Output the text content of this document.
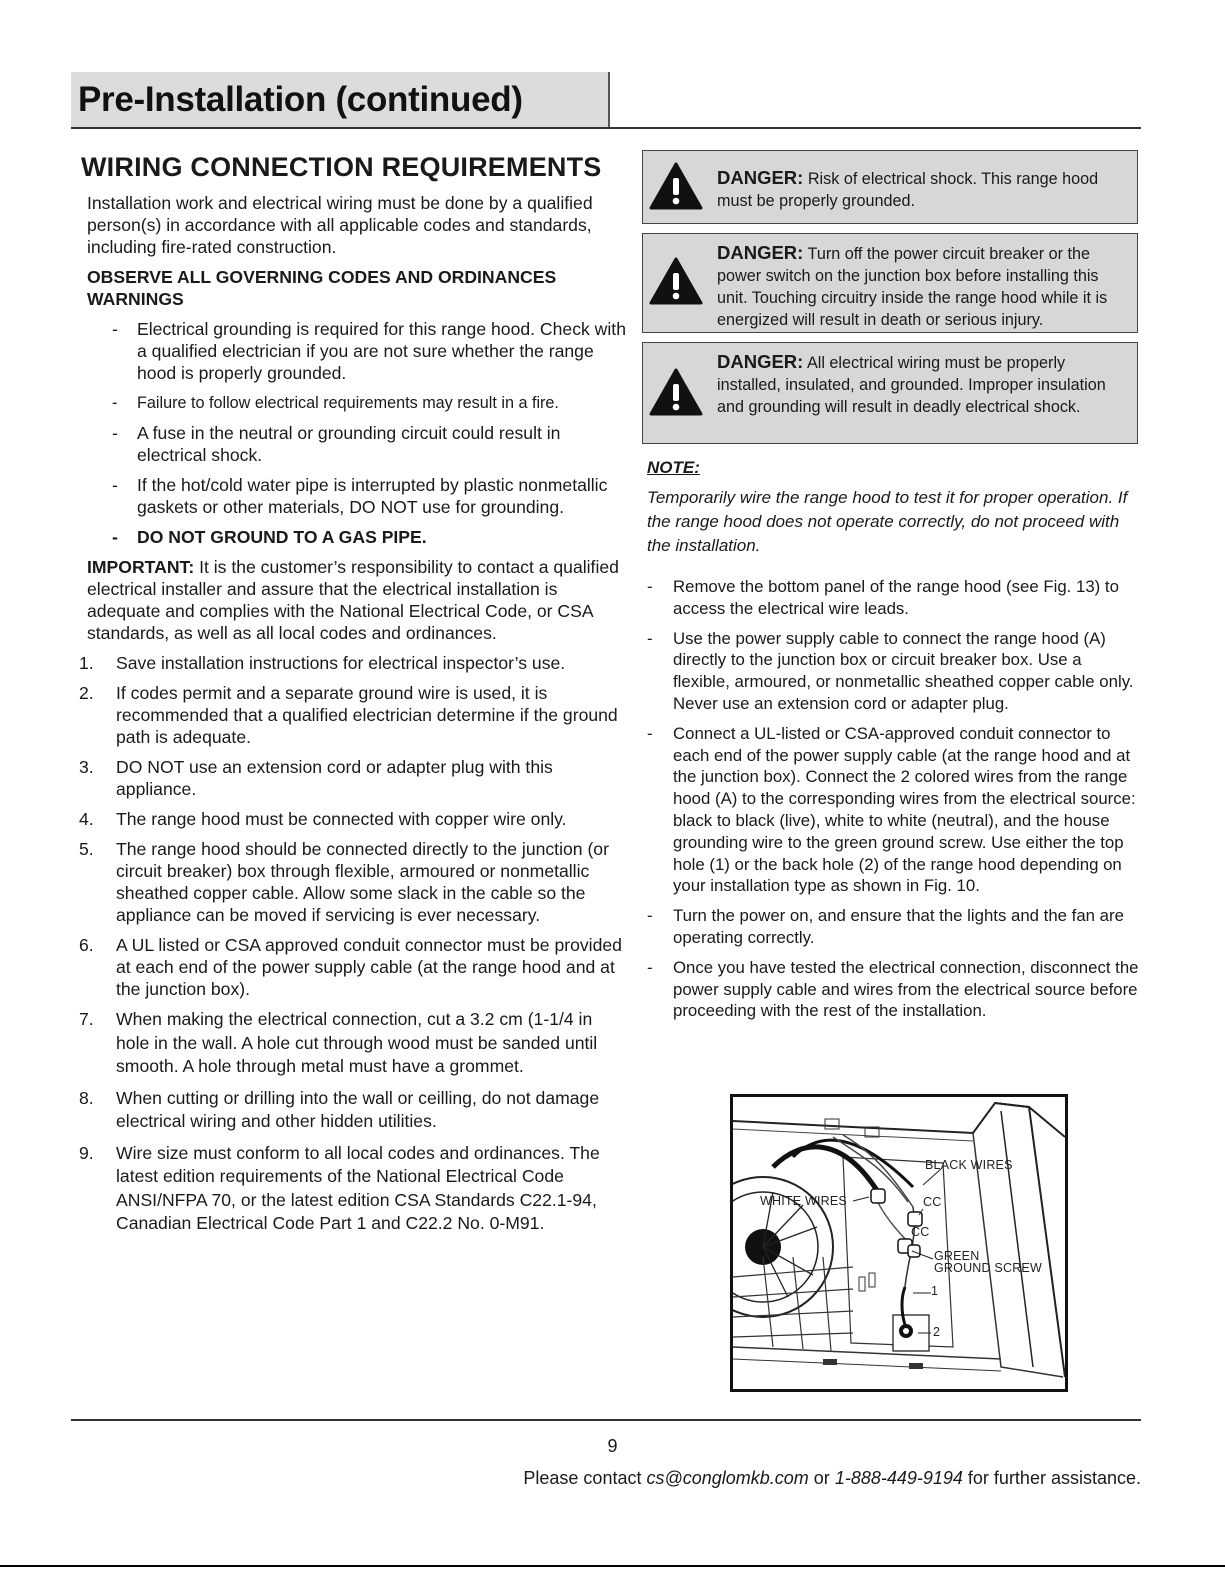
Pre-Installation (continued)
WIRING CONNECTION REQUIREMENTS
Installation work and electrical wiring must be done by a qualified person(s) in accordance with all applicable codes and standards, including fire-rated construction.
OBSERVE ALL GOVERNING CODES AND ORDINANCES WARNINGS
- Electrical grounding is required for this range hood. Check with a qualified electrician if you are not sure whether the range hood is properly grounded.
- Failure to follow electrical requirements may result in a fire.
- A fuse in the neutral or grounding circuit could result in electrical shock.
- If the hot/cold water pipe is interrupted by plastic nonmetallic gaskets or other materials, DO NOT use for grounding.
- DO NOT GROUND TO A GAS PIPE.
IMPORTANT: It is the customer’s responsibility to contact a qualified electrical installer and assure that the electrical installation is adequate and complies with the National Electrical Code, or CSA standards, as well as all local codes and ordinances.
1. Save installation instructions for electrical inspector’s use.
2. If codes permit and a separate ground wire is used, it is recommended that a qualified electrician determine if the ground path is adequate.
3. DO NOT use an extension cord or adapter plug with this appliance.
4. The range hood must be connected with copper wire only.
5. The range hood should be connected directly to the junction (or circuit breaker) box through flexible, armoured or nonmetallic sheathed copper cable. Allow some slack in the cable so the appliance can be moved if servicing is ever necessary.
6. A UL listed or CSA approved conduit connector must be provided at each end of the power supply cable (at the range hood and at the junction box).
7. When making the electrical connection, cut a 3.2 cm (1-1/4 in hole in the wall. A hole cut through wood must be sanded until smooth. A hole through metal must have a grommet.
8. When cutting or drilling into the wall or ceilling, do not damage electrical wiring and other hidden utilities.
9. Wire size must conform to all local codes and ordinances. The latest edition requirements of the National Electrical Code ANSI/NFPA 70, or the latest edition CSA Standards C22.1-94, Canadian Electrical Code Part 1 and C22.2 No. 0-M91.
DANGER: Risk of electrical shock. This range hood must be properly grounded.
DANGER: Turn off the power circuit breaker or the power switch on the junction box before installing this unit. Touching circuitry inside the range hood while it is energized will result in death or serious injury.
DANGER: All electrical wiring must be properly installed, insulated, and grounded. Improper insulation and grounding will result in deadly electrical shock.
NOTE:
Temporarily wire the range hood to test it for proper operation. If the range hood does not operate correctly, do not proceed with the installation.
- Remove the bottom panel of the range hood (see Fig. 13) to access the electrical wire leads.
- Use the power supply cable to connect the range hood (A) directly to the junction box or circuit breaker box. Use a flexible, armoured, or nonmetallic sheathed copper cable only. Never use an extension cord or adapter plug.
- Connect a UL-listed or CSA-approved conduit connector to each end of the power supply cable (at the range hood and at the junction box). Connect the 2 colored wires from the range hood (A) to the corresponding wires from the electrical source: black to black (live), white to white (neutral), and the house grounding wire to the green ground screw. Use either the top hole (1) or the back hole (2) of the range hood depending on your installation type as shown in Fig. 10.
- Turn the power on, and ensure that the lights and the fan are operating correctly.
- Once you have tested the electrical connection, disconnect the power supply cable and wires from the electrical source before proceeding with the rest of the installation.
BLACK WIRES
WHITE WIRES	CC
CC
GREEN
GROUND SCREW
1
2
9
Please contact cs@conglomkb.com or 1-888-449-9194 for further assistance.
